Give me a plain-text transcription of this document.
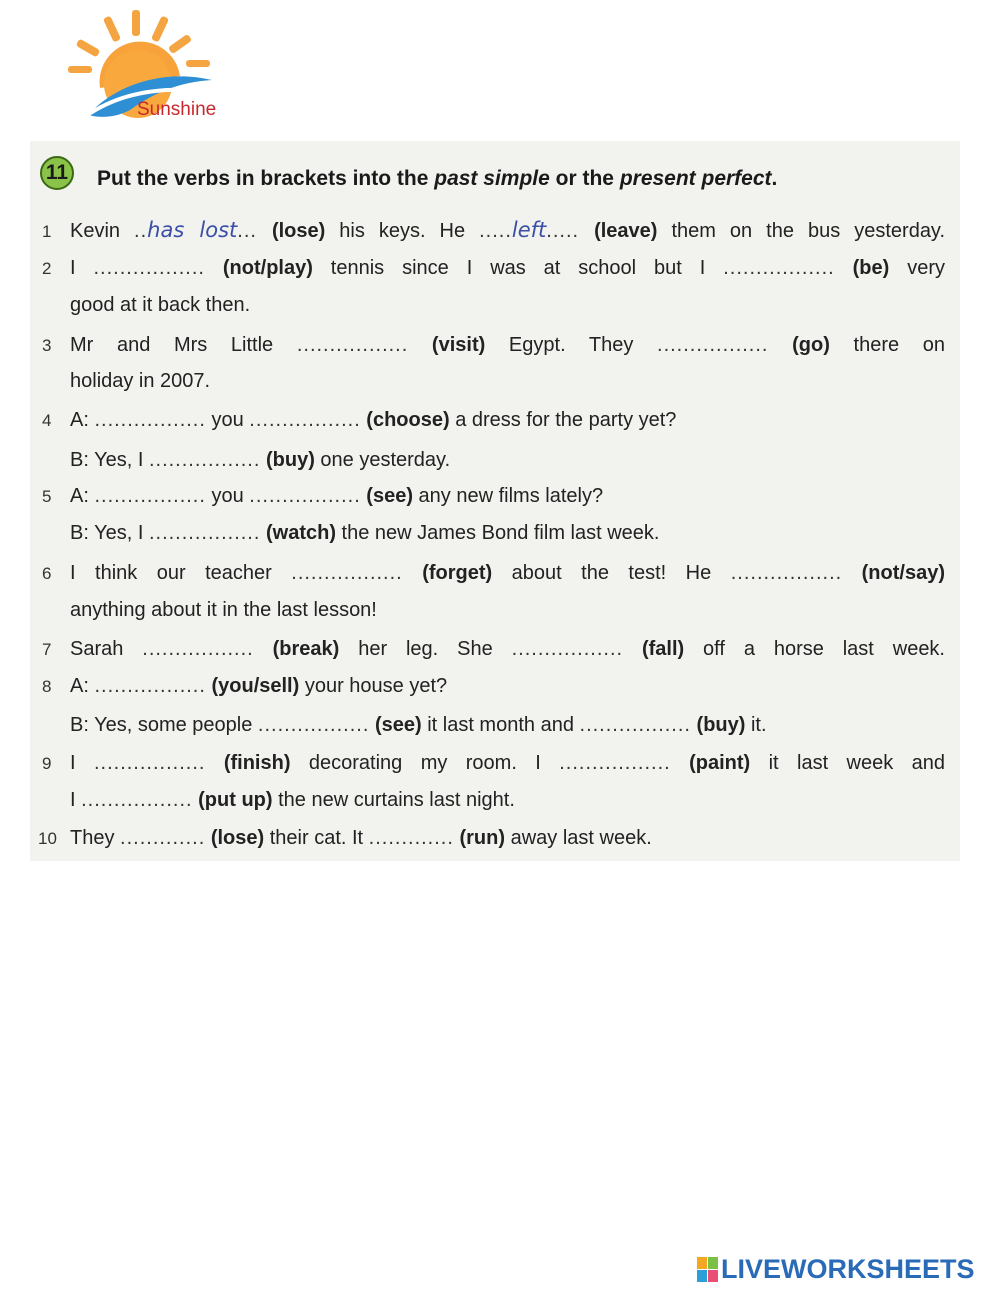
Sunshine
11 Put the verbs in brackets into the past simple or the present perfect.
1 Kevin ..has lost... (lose) his keys. He .....left..... (leave) them on the bus yesterday.
2 I ................. (not/play) tennis since I was at school but I ................. (be) very
good at it back then.
3 Mr and Mrs Little ................. (visit) Egypt. They ................. (go) there on
holiday in 2007.
4 A: ................. you ................. (choose) a dress for the party yet?
B: Yes, I ................. (buy) one yesterday.
5 A: ................. you ................. (see) any new films lately?
B: Yes, I ................. (watch) the new James Bond film last week.
6 I think our teacher ................. (forget) about the test! He ................. (not/say)
anything about it in the last lesson!
7 Sarah ................. (break) her leg. She ................. (fall) off a horse last week.
8 A: ................. (you/sell) your house yet?
B: Yes, some people ................. (see) it last month and ................. (buy) it.
9 I ................. (finish) decorating my room. I ................. (paint) it last week and
I ................. (put up) the new curtains last night.
10 They ............. (lose) their cat. It ............. (run) away last week.
LIVEWORKSHEETS
